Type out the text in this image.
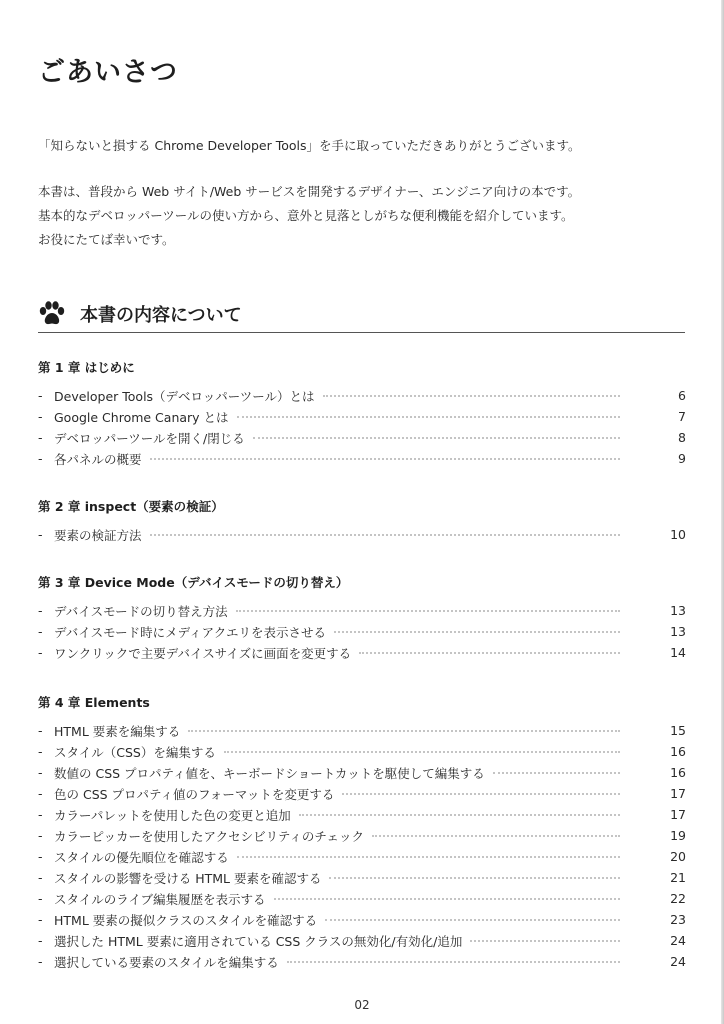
ごあいさつ

「知らないと損する Chrome Developer Tools」を手に取っていただきありがとうございます。

本書は、普段から Web サイト/Web サービスを開発するデザイナー、エンジニア向けの本です。

基本的なデベロッパーツールの使い方から、意外と見落としがちな便利機能を紹介しています。

お役にたてば幸いです。

本書の内容について
第 1 章 はじめに
- Developer Tools（デベロッパーツール）とは	6
- Google Chrome Canary とは	7
- デベロッパーツールを開く/閉じる	8
- 各パネルの概要	9
第 2 章 inspect（要素の検証）
- 要素の検証方法	10
第 3 章 Device Mode（デバイスモードの切り替え）
- デバイスモードの切り替え方法	13
- デバイスモード時にメディアクエリを表示させる	13
- ワンクリックで主要デバイスサイズに画面を変更する	14
第 4 章 Elements
- HTML 要素を編集する	15
- スタイル（CSS）を編集する	16
- 数値の CSS プロパティ値を、キーボードショートカットを駆使して編集する	16
- 色の CSS プロパティ値のフォーマットを変更する	17
- カラーパレットを使用した色の変更と追加	17
- カラーピッカーを使用したアクセシビリティのチェック	19
- スタイルの優先順位を確認する	20
- スタイルの影響を受ける HTML 要素を確認する	21
- スタイルのライブ編集履歴を表示する	22
- HTML 要素の擬似クラスのスタイルを確認する	23
- 選択した HTML 要素に適用されている CSS クラスの無効化/有効化/追加	24
- 選択している要素のスタイルを編集する	24
02
